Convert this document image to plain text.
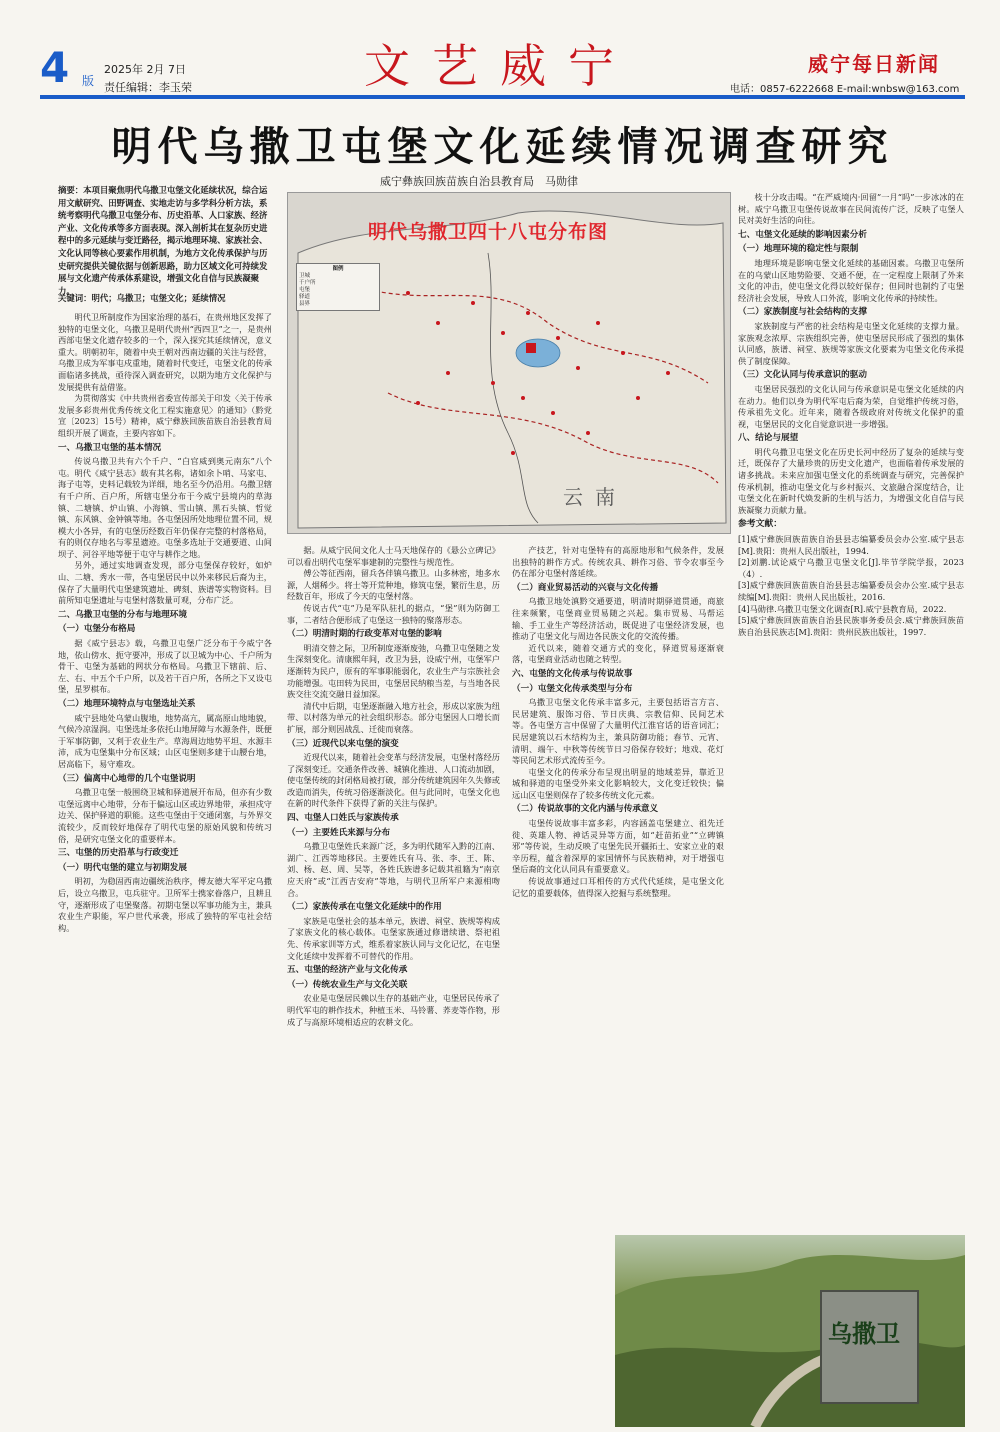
4 版
2025年 2月 7日
责任编辑：李玉荣	文艺威宁	威宁每日新闻
电话：0857-6222668 E-mail:wnbsw@163.com
明代乌撒卫屯堡文化延续情况调查研究
威宁彝族回族苗族自治县教育局　马勋律
摘要：本项目聚焦明代乌撒卫屯堡文化延续状况，综合运用文献研究、田野调查、实地走访与多学科分析方法，系统考察明代乌撒卫屯堡分布、历史沿革、人口家族、经济产业、文化传承等多方面表现。深入剖析其在复杂历史进程中的多元延续与变迁路径，揭示地理环境、家族社会、文化认同等核心要素作用机制，为地方文化传承保护与历史研究提供关键依据与创新思路，助力区域文化可持续发展与文化遗产传承体系建设，增强文化自信与民族凝聚力。
关键词：明代；乌撒卫；屯堡文化；延续情况
明代乌撒卫四十八屯分布图
图例
卫城
千户所
屯堡
驿道
县界
云南

明代卫所制度作为国家治理的基石，在贵州地区发挥了独特的屯堡文化，乌撒卫是明代贵州“西四卫”之一，是贵州西部屯堡文化遗存较多的一个，深入探究其延续情况，意义重大。明朝初年，随着中央王朝对西南边疆的关注与经营，乌撒卫成为军事屯戍重地，随着时代变迁，屯堡文化的传承面临诸多挑战，亟待深入调查研究，以期为地方文化保护与发展提供有益借鉴。

为贯彻落实《中共贵州省委宣传部关于印发〈关于传承发展多彩贵州优秀传统文化工程实施意见〉的通知》（黔党宣〔2023〕15号）精神，威宁彝族回族苗族自治县教育局组织开展了调查，主要内容如下。

一、乌撒卫屯堡的基本情况

传说乌撒卫共有六个千户、“白官威到奥元南东”八个屯。明代《威宁县志》载有其名称，诸如余卜哨、马家屯、海子屯等，史料记载较为详细，地名至今仍沿用。乌撒卫辖有千户所、百户所，所辖屯堡分布于今威宁县境内的草海镇、二塘镇、炉山镇、小海镇、雪山镇、黑石头镇、哲觉镇、东风镇、金钟镇等地。各屯堡因所处地理位置不同，规模大小各异，有的屯堡历经数百年仍保存完整的村落格局，有的则仅存地名与零星遗迹。屯堡多选址于交通要道、山间坝子、河谷平地等便于屯守与耕作之地。

另外，通过实地调查发现，部分屯堡保存较好，如炉山、二塘、秀水一带，各屯堡居民中以外来移民后裔为主，保存了大量明代屯堡建筑遗址、碑刻、族谱等实物资料。目前所知屯堡遗址与屯堡村落数量可观，分布广泛。

二、乌撒卫屯堡的分布与地理环境
（一）屯堡分布格局

据《威宁县志》载，乌撒卫屯堡广泛分布于今威宁各地，依山傍水、扼守要冲，形成了以卫城为中心、千户所为骨干、屯堡为基础的网状分布格局。乌撒卫下辖前、后、左、右、中五个千户所，以及若干百户所，各所之下又设屯堡，星罗棋布。

（二）地理环境特点与屯堡选址关系

威宁县地处乌蒙山腹地，地势高亢，属高原山地地貌，气候冷凉湿润。屯堡选址多依托山地屏障与水源条件，既便于军事防御，又利于农业生产。草海周边地势平坦、水源丰沛，成为屯堡集中分布区域；山区屯堡则多建于山腰台地，居高临下，易守难攻。

（三）偏离中心地带的几个屯堡说明

乌撒卫屯堡一般围绕卫城和驿道展开布局，但亦有少数屯堡远离中心地带，分布于偏远山区或边界地带，承担戍守边关、保护驿道的职能。这些屯堡由于交通闭塞，与外界交流较少，反而较好地保存了明代屯堡的原始风貌和传统习俗，是研究屯堡文化的重要样本。

三、屯堡的历史沿革与行政变迁
（一）明代屯堡的建立与初期发展

明初，为稳固西南边疆统治秩序，傅友德大军平定乌撒后，设立乌撒卫，屯兵驻守。卫所军士携家眷落户，且耕且守，逐渐形成了屯堡聚落。初期屯堡以军事功能为主，兼具农业生产职能，军户世代承袭，形成了独特的军屯社会结构。

据。从威宁民间文化人士马天地保存的《悬公立碑记》可以看出明代屯堡军事建制的完整性与规范性。

傅公等征西南，留兵各伴镇乌撒卫。山多林密，地多水源，人烟稀少。将士等开荒种地，修筑屯堡，繁衍生息，历经数百年，形成了今天的屯堡村落。

传说古代“屯”乃是军队驻扎的据点，“堡”则为防御工事，二者结合便形成了屯堡这一独特的聚落形态。

（二）明清时期的行政变革对屯堡的影响

明清交替之际，卫所制度逐渐废弛，乌撒卫屯堡随之发生深刻变化。清康熙年间，改卫为县，设威宁州，屯堡军户逐渐转为民户，原有的军事职能弱化，农业生产与宗族社会功能增强。屯田转为民田，屯堡居民纳粮当差，与当地各民族交往交流交融日益加深。

清代中后期，屯堡逐渐融入地方社会，形成以家族为纽带、以村落为单元的社会组织形态。部分屯堡因人口增长而扩展，部分则因战乱、迁徙而衰落。

（三）近现代以来屯堡的演变

近现代以来，随着社会变革与经济发展，屯堡村落经历了深刻变迁。交通条件改善、城镇化推进、人口流动加剧，使屯堡传统的封闭格局被打破，部分传统建筑因年久失修或改造而消失，传统习俗逐渐淡化。但与此同时，屯堡文化也在新的时代条件下获得了新的关注与保护。

四、屯堡人口姓氏与家族传承
（一）主要姓氏来源与分布

乌撒卫屯堡姓氏来源广泛，多为明代随军入黔的江南、湖广、江西等地移民。主要姓氏有马、张、李、王、陈、刘、杨、赵、周、吴等，各姓氏族谱多记载其祖籍为“南京应天府”或“江西吉安府”等地，与明代卫所军户来源相吻合。

（二）家族传承在屯堡文化延续中的作用

家族是屯堡社会的基本单元，族谱、祠堂、族规等构成了家族文化的核心载体。屯堡家族通过修谱续谱、祭祀祖先、传承家训等方式，维系着家族认同与文化记忆，在屯堡文化延续中发挥着不可替代的作用。

五、屯堡的经济产业与文化传承
（一）传统农业生产与文化关联

农业是屯堡居民赖以生存的基础产业，屯堡居民传承了明代军屯的耕作技术，种植玉米、马铃薯、荞麦等作物，形成了与高原环境相适应的农耕文化。

产技艺，针对屯堡特有的高原地形和气候条件，发展出独特的耕作方式。传统农具、耕作习俗、节令农事至今仍在部分屯堡村落延续。

（二）商业贸易活动的兴衰与文化传播

乌撒卫地处滇黔交通要道，明清时期驿道贯通，商旅往来频繁，屯堡商业贸易随之兴起。集市贸易、马帮运输、手工业生产等经济活动，既促进了屯堡经济发展，也推动了屯堡文化与周边各民族文化的交流传播。

近代以来，随着交通方式的变化，驿道贸易逐渐衰落，屯堡商业活动也随之转型。

六、屯堡的文化传承与传说故事
（一）屯堡文化传承类型与分布

乌撒卫屯堡文化传承丰富多元，主要包括语言方言、民居建筑、服饰习俗、节日庆典、宗教信仰、民间艺术等。各屯堡方言中保留了大量明代江淮官话的语音词汇；民居建筑以石木结构为主，兼具防御功能；春节、元宵、清明、端午、中秋等传统节日习俗保存较好；地戏、花灯等民间艺术形式流传至今。

屯堡文化的传承分布呈现出明显的地域差异，靠近卫城和驿道的屯堡受外来文化影响较大，文化变迁较快；偏远山区屯堡则保存了较多传统文化元素。

（二）传说故事的文化内涵与传承意义

屯堡传说故事丰富多彩，内容涵盖屯堡建立、祖先迁徙、英雄人物、神话灵异等方面，如“赶苗拓业”“立碑镇邪”等传说，生动反映了屯堡先民开疆拓土、安家立业的艰辛历程，蕴含着深厚的家国情怀与民族精神，对于增强屯堡后裔的文化认同具有重要意义。

传说故事通过口耳相传的方式代代延续，是屯堡文化记忆的重要载体，值得深入挖掘与系统整理。

枝十分攻击喝。“在严威境内·回留”一月“吗”一步冰冰的在树。威宁乌撒卫屯堡传说故事在民间流传广泛，反映了屯堡人民对美好生活的向往。

七、屯堡文化延续的影响因素分析
（一）地理环境的稳定性与限制

地理环境是影响屯堡文化延续的基础因素。乌撒卫屯堡所在的乌蒙山区地势险要、交通不便，在一定程度上限制了外来文化的冲击，使屯堡文化得以较好保存；但同时也制约了屯堡经济社会发展，导致人口外流，影响文化传承的持续性。

（二）家族制度与社会结构的支撑

家族制度与严密的社会结构是屯堡文化延续的支撑力量。家族观念浓厚、宗族组织完善，使屯堡居民形成了强烈的集体认同感，族谱、祠堂、族规等家族文化要素为屯堡文化传承提供了制度保障。

（三）文化认同与传承意识的驱动

屯堡居民强烈的文化认同与传承意识是屯堡文化延续的内在动力。他们以身为明代军屯后裔为荣，自觉维护传统习俗，传承祖先文化。近年来，随着各级政府对传统文化保护的重视，屯堡居民的文化自觉意识进一步增强。

八、结论与展望

明代乌撒卫屯堡文化在历史长河中经历了复杂的延续与变迁，既保存了大量珍贵的历史文化遗产，也面临着传承发展的诸多挑战。未来应加强屯堡文化的系统调查与研究，完善保护传承机制，推动屯堡文化与乡村振兴、文旅融合深度结合，让屯堡文化在新时代焕发新的生机与活力，为增强文化自信与民族凝聚力贡献力量。

参考文献：

[1]威宁彝族回族苗族自治县县志编纂委员会办公室.威宁县志[M].贵阳：贵州人民出版社，1994.

[2]刘鹏.试论威宁乌撒卫屯堡文化[J].毕节学院学报，2023（4）.

[3]威宁彝族回族苗族自治县县志编纂委员会办公室.威宁县志续编[M].贵阳：贵州人民出版社，2016.

[4]马勋律.乌撒卫屯堡文化调查[R].威宁县教育局，2022.

[5]威宁彝族回族苗族自治县民族事务委员会.威宁彝族回族苗族自治县民族志[M].贵阳：贵州民族出版社，1997.

乌撒卫
